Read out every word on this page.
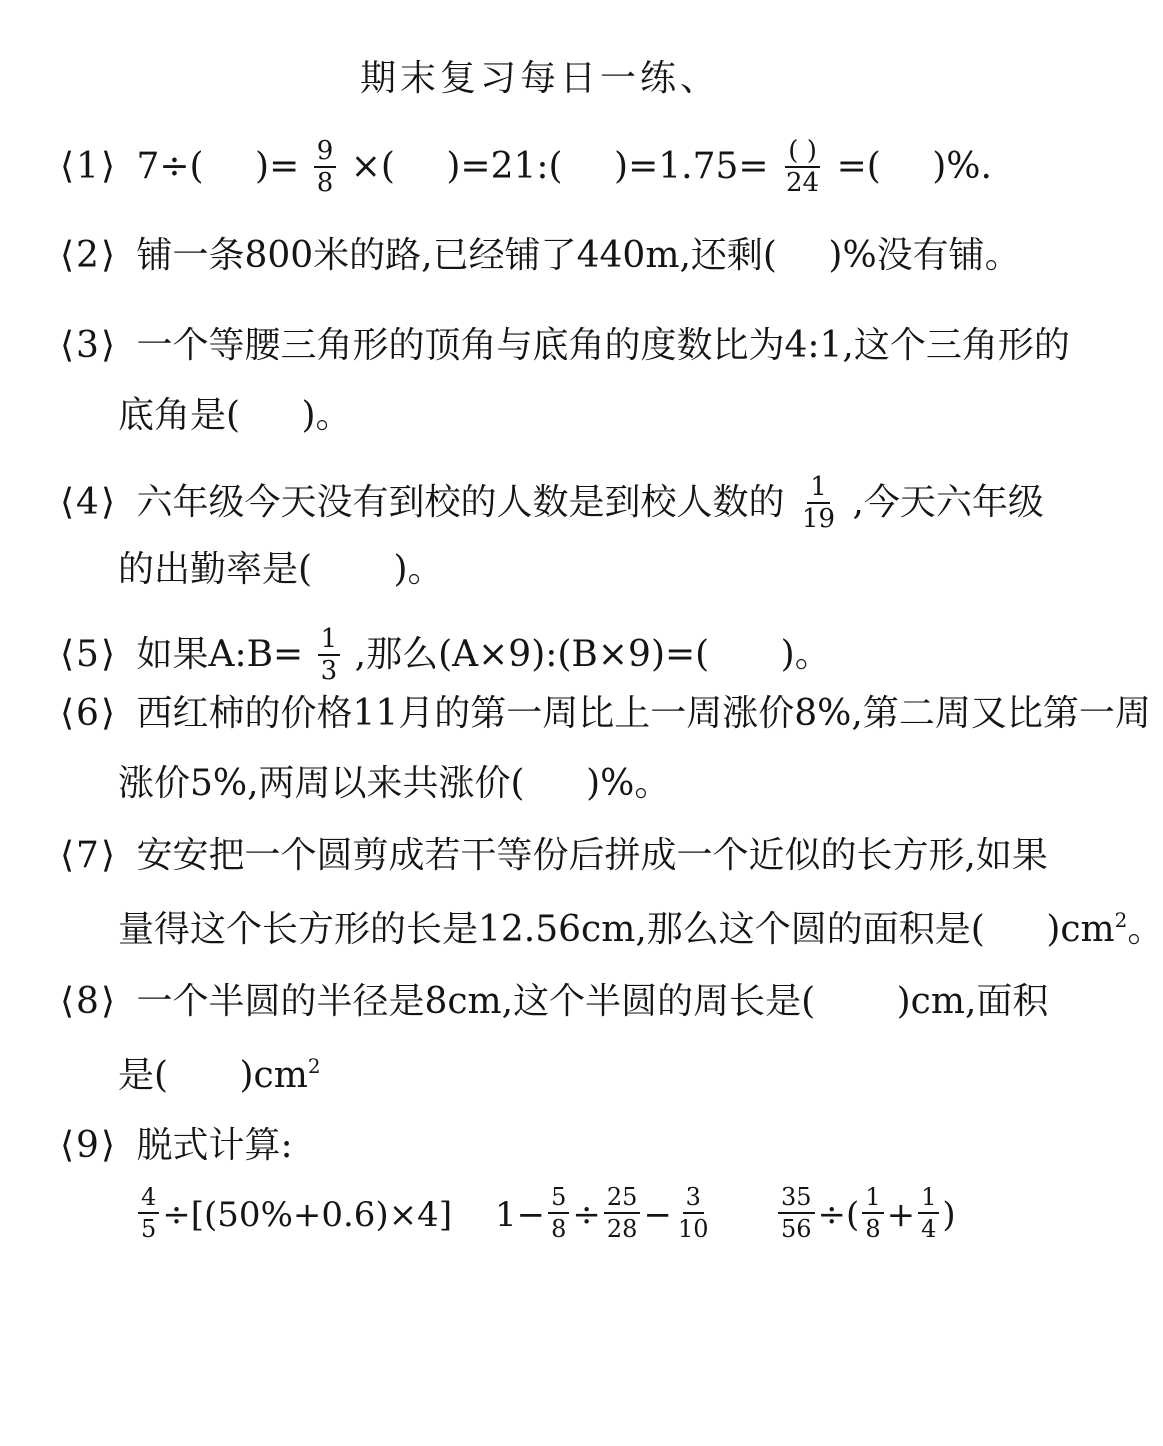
期末复习每日一练、
⟨1⟩ 7÷( )= $\frac{9}{8}$ ×( )=21:( )$=1.75= \frac{( )}{24}$ =( )%.
⟨2⟩ 铺一条800米的路,已经铺了440m,还剩( )%没有铺。
⟨3⟩ 一个等腰三角形的顶角与底角的度数比为4:1,这个三角形的
底角是( )。
⟨4⟩ 六年级今天没有到校的人数是到校人数的 $\frac{1}{19}$ ,今天六年级
的出勤率是( )。
⟨5⟩ 如果A:B= $\frac{1}{3}$ ,那么(A×9):(B×9)=( )。
⟨6⟩ 西红柿的价格11月的第一周比上一周涨价8%,第二周又比第一周
涨价5%,两周以来共涨价( )%。
⟨7⟩ 安安把一个圆剪成若干等份后拼成一个近似的长方形,如果
量得这个长方形的长是12.56cm,那么这个圆的面积是( )$cm^2$。
⟨8⟩ 一个半圆的半径是8cm,这个半圆的周长是( )cm,面积
是( )$cm^2$
⟨9⟩ 脱式计算:
$\frac{4}{5} \div[(50\%+0.6)\times 4]$ $1- \frac{5}{8} \div \frac{25}{28} - \frac{3}{10}$	$\frac{35}{56}$ ÷( $\frac{1}{8} + \frac{1}{4}$ )
